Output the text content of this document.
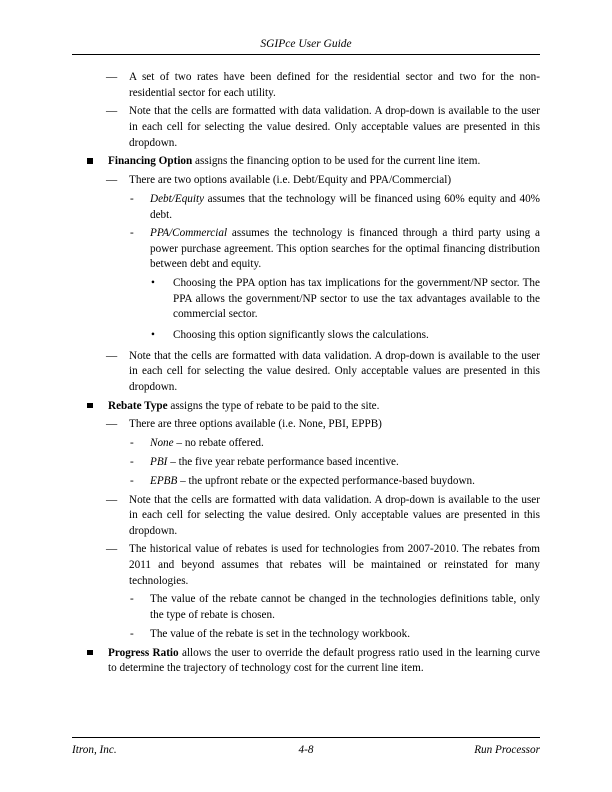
SGIPce User Guide
— A set of two rates have been defined for the residential sector and two for the non-residential sector for each utility.
— Note that the cells are formatted with data validation. A drop-down is available to the user in each cell for selecting the value desired. Only acceptable values are presented in this dropdown.
Financing Option assigns the financing option to be used for the current line item.
— There are two options available (i.e. Debt/Equity and PPA/Commercial)
- Debt/Equity assumes that the technology will be financed using 60% equity and 40% debt.
- PPA/Commercial assumes the technology is financed through a third party using a power purchase agreement. This option searches for the optimal financing distribution between debt and equity.
• Choosing the PPA option has tax implications for the government/NP sector. The PPA allows the government/NP sector to use the tax advantages available to the commercial sector.
• Choosing this option significantly slows the calculations.
— Note that the cells are formatted with data validation. A drop-down is available to the user in each cell for selecting the value desired. Only acceptable values are presented in this dropdown.
Rebate Type assigns the type of rebate to be paid to the site.
— There are three options available (i.e. None, PBI, EPPB)
- None – no rebate offered.
- PBI – the five year rebate performance based incentive.
- EPBB – the upfront rebate or the expected performance-based buydown.
— Note that the cells are formatted with data validation. A drop-down is available to the user in each cell for selecting the value desired. Only acceptable values are presented in this dropdown.
— The historical value of rebates is used for technologies from 2007-2010. The rebates from 2011 and beyond assumes that rebates will be maintained or reinstated for many technologies.
- The value of the rebate cannot be changed in the technologies definitions table, only the type of rebate is chosen.
- The value of the rebate is set in the technology workbook.
Progress Ratio allows the user to override the default progress ratio used in the learning curve to determine the trajectory of technology cost for the current line item.
Itron, Inc.	4-8	Run Processor
